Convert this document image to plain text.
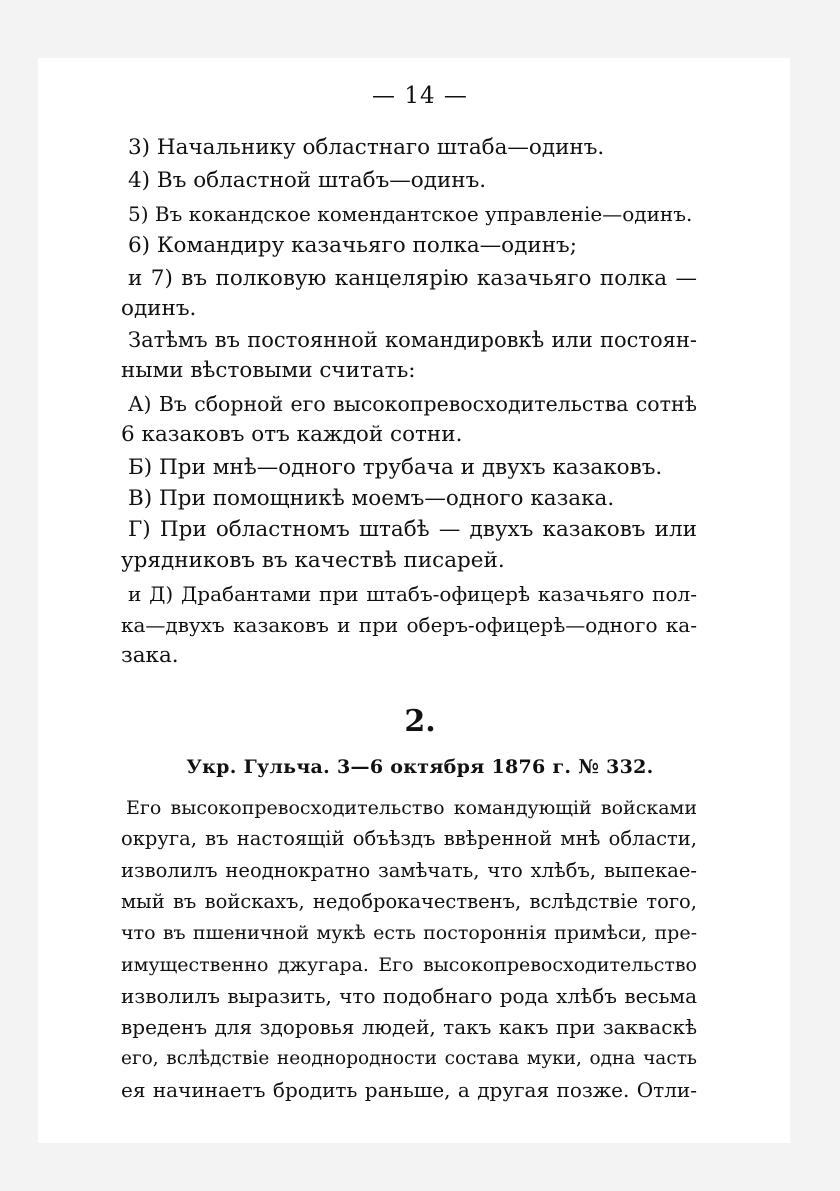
— 14 —
3) Начальнику областнаго штаба—одинъ.
4) Въ областной штабъ—одинъ.
5) Въ кокандское комендантское управленіе—одинъ.
6) Командиру казачьяго полка—одинъ;
и 7) въ полковую канцелярію казачьяго полка —
одинъ.
Затѣмъ въ постоянной командировкѣ или постоян-
ными вѣстовыми считать:
А) Въ сборной его высокопревосходительства сотнѣ
6 казаковъ отъ каждой сотни.
Б) При мнѣ—одного трубача и двухъ казаковъ.
В) При помощникѣ моемъ—одного казака.
Г) При областномъ штабѣ — двухъ казаковъ или
урядниковъ въ качествѣ писарей.
и Д) Драбантами при штабъ-офицерѣ казачьяго пол-
ка—двухъ казаковъ и при оберъ-офицерѣ—одного ка-
зака.
2.
Укр. Гульча. 3—6 октября 1876 г. № 332.
Его высокопревосходительство командующій войсками
округа, въ настоящій объѣздъ ввѣренной мнѣ области,
изволилъ неоднократно замѣчать, что хлѣбъ, выпекае-
мый въ войскахъ, недоброкачественъ, вслѣдствіе того,
что въ пшеничной мукѣ есть постороннія примѣси, пре-
имущественно джугара. Его высокопревосходительство
изволилъ выразить, что подобнаго рода хлѣбъ весьма
вреденъ для здоровья людей, такъ какъ при закваскѣ
его, вслѣдствіе неоднородности состава муки, одна часть
ея начинаетъ бродить раньше, а другая позже. Отли-
